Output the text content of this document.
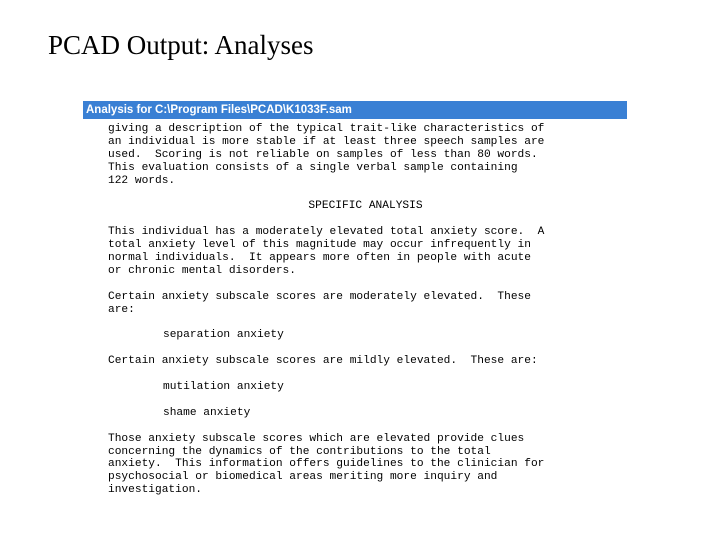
PCAD Output: Analyses
Analysis for C:\Program Files\PCAD\K1033F.sam
giving a description of the typical trait-like characteristics of
an individual is more stable if at least three speech samples are
used.  Scoring is not reliable on samples of less than 80 words.
This evaluation consists of a single verbal sample containing
122 words.
SPECIFIC ANALYSIS
This individual has a moderately elevated total anxiety score.  A
total anxiety level of this magnitude may occur infrequently in
normal individuals.  It appears more often in people with acute
or chronic mental disorders.
Certain anxiety subscale scores are moderately elevated.  These
are:
separation anxiety
Certain anxiety subscale scores are mildly elevated.  These are:
mutilation anxiety
shame anxiety
Those anxiety subscale scores which are elevated provide clues
concerning the dynamics of the contributions to the total
anxiety.  This information offers guidelines to the clinician for
psychosocial or biomedical areas meriting more inquiry and
investigation.
